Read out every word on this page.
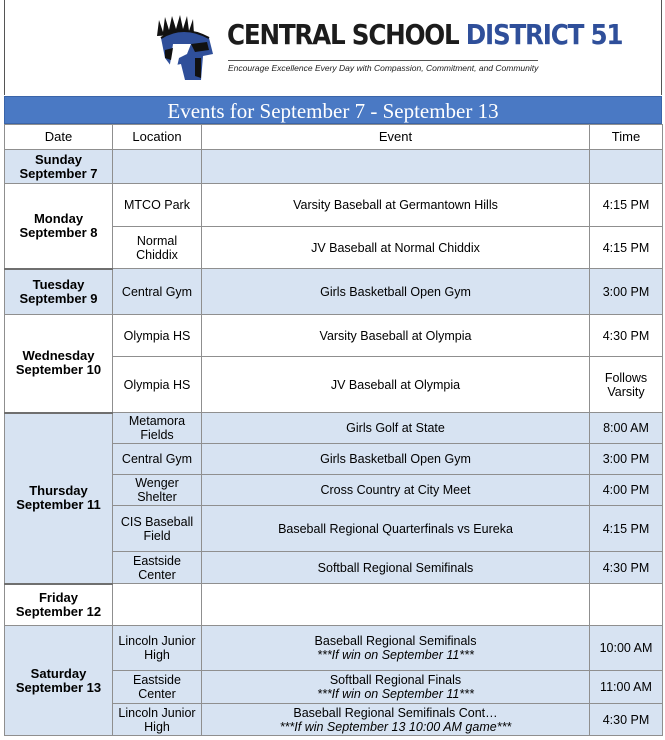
CENTRAL SCHOOL DISTRICT 51
Encourage Excellence Every Day with Compassion, Commitment, and Community
Events for September 7 - September 13
Date	Location	Event	Time
Sunday
September 7			
Monday
September 8	MTCO Park	Varsity Baseball at Germantown Hills	4:15 PM
	Normal Chiddix	JV Baseball at Normal Chiddix	4:15 PM
Tuesday
September 9	Central Gym	Girls Basketball Open Gym	3:00 PM
Wednesday
September 10	Olympia HS	Varsity Baseball at Olympia	4:30 PM
	Olympia HS	JV Baseball at Olympia	Follows Varsity
Thursday
September 11	Metamora Fields	Girls Golf at State	8:00 AM
	Central Gym	Girls Basketball Open Gym	3:00 PM
	Wenger Shelter	Cross Country at City Meet	4:00 PM
	CIS Baseball Field	Baseball Regional Quarterfinals vs Eureka	4:15 PM
	Eastside Center	Softball Regional Semifinals	4:30 PM
Friday
September 12			
Saturday
September 13	Lincoln Junior High	Baseball Regional Semifinals
***If win on September 11***	10:00 AM
	Eastside Center	Softball Regional Finals
***If win on September 11***	11:00 AM
	Lincoln Junior High	Baseball Regional Semifinals Cont…
***If win September 13 10:00 AM game***	4:30 PM
